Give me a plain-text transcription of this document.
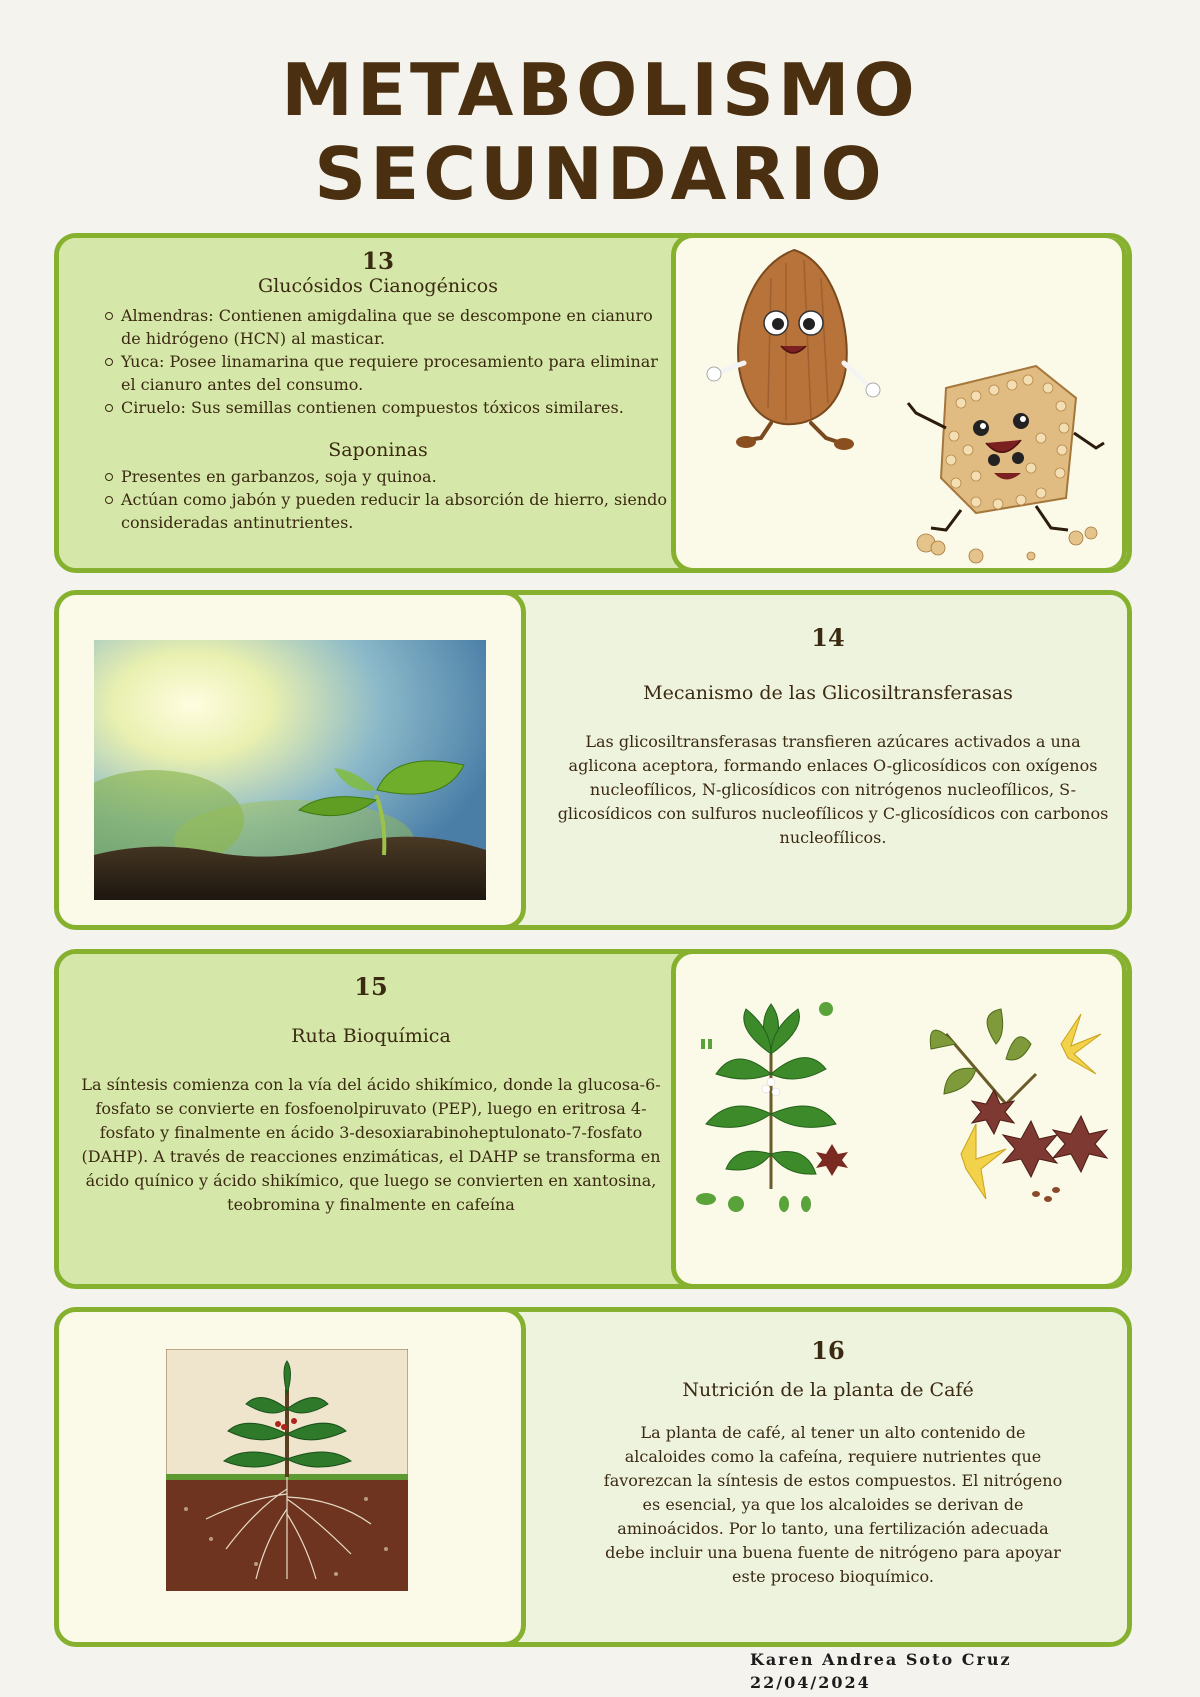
METABOLISMO SECUNDARIO
13
Glucósidos Cianogénicos
Almendras: Contienen amigdalina que se descompone en cianuro de hidrógeno (HCN) al masticar.
Yuca: Posee linamarina que requiere procesamiento para eliminar el cianuro antes del consumo.
Ciruelo: Sus semillas contienen compuestos tóxicos similares.
Saponinas
Presentes en garbanzos, soja y quinoa.
Actúan como jabón y pueden reducir la absorción de hierro, siendo consideradas antinutrientes.
14
Mecanismo de las Glicosiltransferasas
Las glicosiltransferasas transfieren azúcares activados a una aglicona aceptora, formando enlaces O-glicosídicos con oxígenos nucleofílicos, N-glicosídicos con nitrógenos nucleofílicos, S-glicosídicos con sulfuros nucleofílicos y C-glicosídicos con carbonos nucleofílicos.
15
Ruta Bioquímica
La síntesis comienza con la vía del ácido shikímico, donde la glucosa-6-fosfato se convierte en fosfoenolpiruvato (PEP), luego en eritrosa 4-fosfato y finalmente en ácido 3-desoxiarabinoheptulonato-7-fosfato (DAHP). A través de reacciones enzimáticas, el DAHP se transforma en ácido quínico y ácido shikímico, que luego se convierten en xantosina, teobromina y finalmente en cafeína
16
Nutrición de la planta de Café
La planta de café, al tener un alto contenido de alcaloides como la cafeína, requiere nutrientes que favorezcan la síntesis de estos compuestos. El nitrógeno es esencial, ya que los alcaloides se derivan de aminoácidos. Por lo tanto, una fertilización adecuada debe incluir una buena fuente de nitrógeno para apoyar este proceso bioquímico.
Karen Andrea Soto Cruz
22/04/2024
